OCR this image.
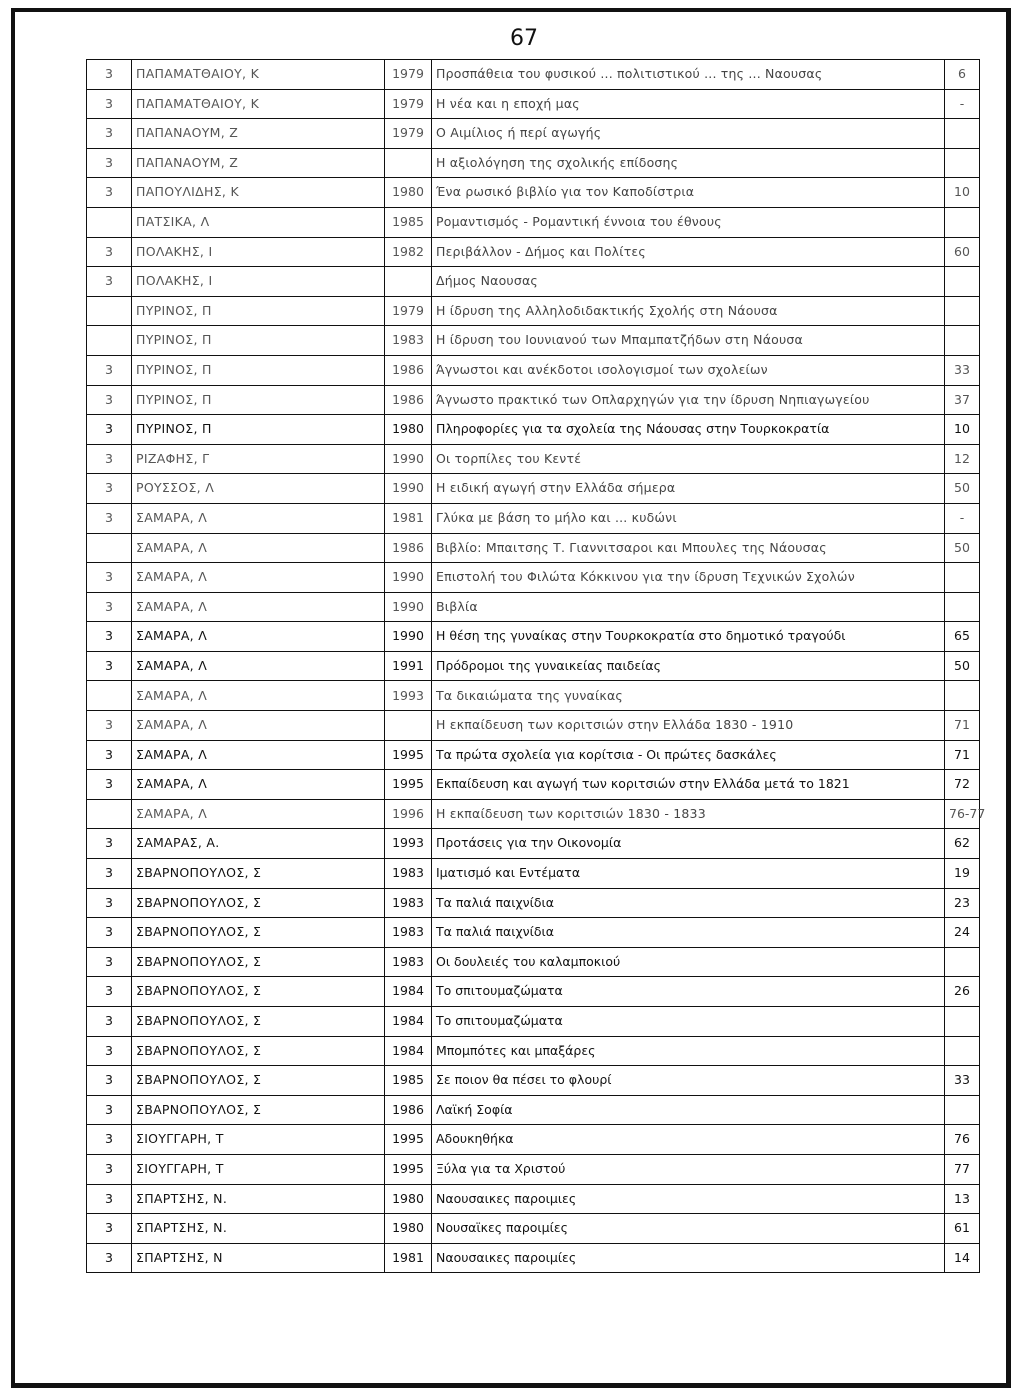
67
3	ΠΑΠΑΜΑΤΘΑΙΟΥ, Κ	1979	Προσπάθεια του φυσικού ... πολιτιστικού ... της ... Ναουσας	6
3	ΠΑΠΑΜΑΤΘΑΙΟΥ, Κ	1979	Η νέα και η εποχή μας	-
3	ΠΑΠΑΝΑΟΥΜ, Ζ	1979	Ο Αιμίλιος ή περί αγωγής	
3	ΠΑΠΑΝΑΟΥΜ, Ζ		Η αξιολόγηση της σχολικής επίδοσης	
3	ΠΑΠΟΥΛΙΔΗΣ, Κ	1980	Ένα ρωσικό βιβλίο για τον Καποδίστρια	10
	ΠΑΤΣΙΚΑ, Λ	1985	Ρομαντισμός - Ρομαντική έννοια του έθνους	
3	ΠΟΛΑΚΗΣ, Ι	1982	Περιβάλλον - Δήμος και Πολίτες	60
3	ΠΟΛΑΚΗΣ, Ι		Δήμος Ναουσας	
	ΠΥΡΙΝΟΣ, Π	1979	Η ίδρυση της Αλληλοδιδακτικής Σχολής στη Νάουσα	
	ΠΥΡΙΝΟΣ, Π	1983	Η ίδρυση του Ιουνιανού των Μπαμπατζήδων στη Νάουσα	
3	ΠΥΡΙΝΟΣ, Π	1986	Άγνωστοι και ανέκδοτοι ισολογισμοί των σχολείων	33
3	ΠΥΡΙΝΟΣ, Π	1986	Άγνωστο πρακτικό των Οπλαρχηγών για την ίδρυση Νηπιαγωγείου	37
3	ΠΥΡΙΝΟΣ, Π	1980	Πληροφορίες για τα σχολεία της Νάουσας στην Τουρκοκρατία	10
3	ΡΙΖΑΦΗΣ, Γ	1990	Οι τορπίλες του Κεντέ	12
3	ΡΟΥΣΣΟΣ, Λ	1990	Η ειδική αγωγή στην Ελλάδα σήμερα	50
3	ΣΑΜΑΡΑ, Λ	1981	Γλύκα με βάση το μήλο και ... κυδώνι	-
	ΣΑΜΑΡΑ, Λ	1986	Βιβλίο: Μπαιτσης Τ. Γιαννιτσαροι και Μπουλες της Νάουσας	50
3	ΣΑΜΑΡΑ, Λ	1990	Επιστολή του Φιλώτα Κόκκινου για την ίδρυση Τεχνικών Σχολών	
3	ΣΑΜΑΡΑ, Λ	1990	Βιβλία	
3	ΣΑΜΑΡΑ, Λ	1990	Η θέση της γυναίκας στην Τουρκοκρατία στο δημοτικό τραγούδι	65
3	ΣΑΜΑΡΑ, Λ	1991	Πρόδρομοι της γυναικείας παιδείας	50
	ΣΑΜΑΡΑ, Λ	1993	Τα δικαιώματα της γυναίκας	
3	ΣΑΜΑΡΑ, Λ		Η εκπαίδευση των κοριτσιών στην Ελλάδα 1830 - 1910	71
3	ΣΑΜΑΡΑ, Λ	1995	Τα πρώτα σχολεία για κορίτσια - Οι πρώτες δασκάλες	71
3	ΣΑΜΑΡΑ, Λ	1995	Εκπαίδευση και αγωγή των κοριτσιών στην Ελλάδα μετά το 1821	72
	ΣΑΜΑΡΑ, Λ	1996	Η εκπαίδευση των κοριτσιών 1830 - 1833	76-77
3	ΣΑΜΑΡΑΣ, Α.	1993	Προτάσεις για την Οικονομία	62
3	ΣΒΑΡΝΟΠΟΥΛΟΣ, Σ	1983	Ιματισμό και Εντέματα	19
3	ΣΒΑΡΝΟΠΟΥΛΟΣ, Σ	1983	Τα παλιά παιχνίδια	23
3	ΣΒΑΡΝΟΠΟΥΛΟΣ, Σ	1983	Τα παλιά παιχνίδια	24
3	ΣΒΑΡΝΟΠΟΥΛΟΣ, Σ	1983	Οι δουλειές του καλαμποκιού	
3	ΣΒΑΡΝΟΠΟΥΛΟΣ, Σ	1984	Το σπιτουμαζώματα	26
3	ΣΒΑΡΝΟΠΟΥΛΟΣ, Σ	1984	Το σπιτουμαζώματα	
3	ΣΒΑΡΝΟΠΟΥΛΟΣ, Σ	1984	Μπομπότες και μπαξάρες	
3	ΣΒΑΡΝΟΠΟΥΛΟΣ, Σ	1985	Σε ποιον θα πέσει το φλουρί	33
3	ΣΒΑΡΝΟΠΟΥΛΟΣ, Σ	1986	Λαϊκή Σοφία	
3	ΣΙΟΥΓΓΑΡΗ, Τ	1995	Αδουκηθήκα	76
3	ΣΙΟΥΓΓΑΡΗ, Τ	1995	Ξύλα για τα Χριστού	77
3	ΣΠΑΡΤΣΗΣ, Ν.	1980	Ναουσαικες παροιμιες	13
3	ΣΠΑΡΤΣΗΣ, Ν.	1980	Νουσαϊκες παροιμίες	61
3	ΣΠΑΡΤΣΗΣ, Ν	1981	Ναουσαικες παροιμίες	14
